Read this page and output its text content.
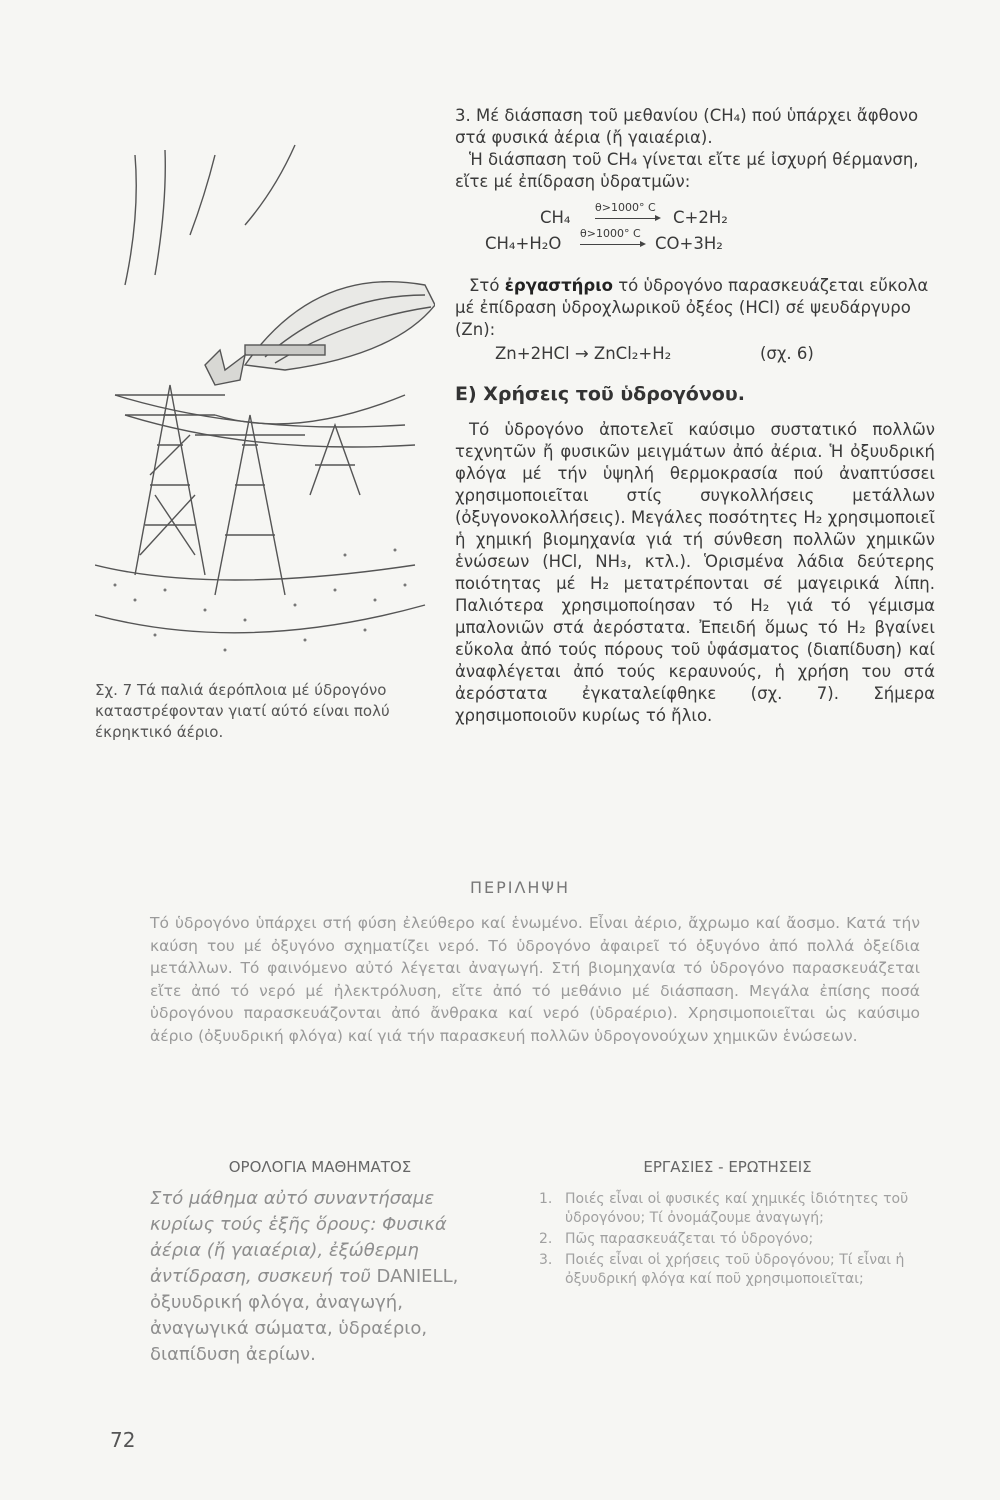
Σχ. 7 Τά παλιά άερόπλοια μέ ύδρογόνο καταστρέφονταν γιατί αύτό είναι πολύ έκρηκτικό άέριο.

3. Μέ διάσπαση τοῦ μεθανίου (CH₄) πού ὑπάρχει ἄφθονο στά φυσικά ἀέρια (ἤ γαιαέρια).

Ἡ διάσπαση τοῦ CH₄ γίνεται εἴτε μέ ἰσχυρή θέρμανση, εἴτε μέ ἐπίδραση ὑδρατμῶν:

CH₄
θ>1000° C
C+2H₂
CH₄+H₂O
θ>1000° C
CO+3H₂

Στό ἐργαστήριο τό ὑδρογόνο παρασκευάζεται εὔκολα μέ ἐπίδραση ὑδροχλωρικοῦ ὀξέος (HCl) σέ ψευδάργυρο (Zn):

Zn+2HCl → ZnCl₂+H₂	(σχ. 6)

Ε) Χρήσεις τοῦ ὑδρογόνου.

Τό ὑδρογόνο ἀποτελεῖ καύσιμο συστατικό πολλῶν τεχνητῶν ἤ φυσικῶν μειγμάτων ἀπό ἀέρια. Ἡ ὀξυυδρική φλόγα μέ τήν ὑψηλή θερμοκρασία πού ἀναπτύσσει χρησιμοποιεῖται στίς συγκολλήσεις μετάλλων (ὀξυγονοκολλήσεις). Μεγάλες ποσότητες H₂ χρησιμοποιεῖ ἡ χημική βιομηχανία γιά τή σύνθεση πολλῶν χημικῶν ἑνώσεων (HCl, NH₃, κτλ.). Ὁρισμένα λάδια δεύτερης ποιότητας μέ H₂ μετατρέπονται σέ μαγειρικά λίπη. Παλιότερα χρησιμοποίησαν τό H₂ γιά τό γέμισμα μπαλονιῶν στά ἀερόστατα. Ἐπειδή ὅμως τό H₂ βγαίνει εὔκολα ἀπό τούς πόρους τοῦ ὑφάσματος (διαπίδυση) καί ἀναφλέγεται ἀπό τούς κεραυνούς, ἡ χρήση του στά ἀερόστατα ἐγκαταλείφθηκε (σχ. 7). Σήμερα χρησιμοποιοῦν κυρίως τό ἤλιο.

ΠΕΡΙΛΗΨΗ
Τό ὑδρογόνο ὑπάρχει στή φύση ἐλεύθερο καί ἑνωμένο. Εἶναι ἀέριο, ἄχρωμο καί ἄοσμο. Κατά τήν καύση του μέ ὀξυγόνο σχηματίζει νερό. Τό ὑδρογόνο ἀφαιρεῖ τό ὀξυγόνο ἀπό πολλά ὀξείδια μετάλλων. Τό φαινόμενο αὐτό λέγεται ἀναγωγή. Στή βιομηχανία τό ὑδρογόνο παρασκευάζεται εἴτε ἀπό τό νερό μέ ἠλεκτρόλυση, εἴτε ἀπό τό μεθάνιο μέ διάσπαση. Μεγάλα ἐπίσης ποσά ὑδρογόνου παρασκευάζονται ἀπό ἄνθρακα καί νερό (ὑδραέριο). Χρησιμοποιεῖται ὡς καύσιμο ἀέριο (ὀξυυδρική φλόγα) καί γιά τήν παρασκευή πολλῶν ὑδρογονούχων χημικῶν ἑνώσεων.
ΟΡΟΛΟΓΙΑ ΜΑΘΗΜΑΤΟΣ
Στό μάθημα αὐτό συναντήσαμε κυρίως τούς ἑξῆς ὅρους: Φυσικά ἀέρια (ἤ γαιαέρια), ἐξώθερμη ἀντίδραση, συσκευή τοῦ DANIELL, ὀξυυδρική φλόγα, ἀναγωγή, ἀναγωγικά σώματα, ὑδραέριο, διαπίδυση ἀερίων.
ΕΡΓΑΣΙΕΣ - ΕΡΩΤΗΣΕΙΣ
1. Ποιές εἶναι οἱ φυσικές καί χημικές ἰδιότητες τοῦ ὑδρογόνου; Τί ὀνομάζουμε ἀναγωγή;
2. Πῶς παρασκευάζεται τό ὑδρογόνο;
3. Ποιές εἶναι οἱ χρήσεις τοῦ ὑδρογόνου; Τί εἶναι ἡ ὀξυυδρική φλόγα καί ποῦ χρησιμοποιεῖται;
72
